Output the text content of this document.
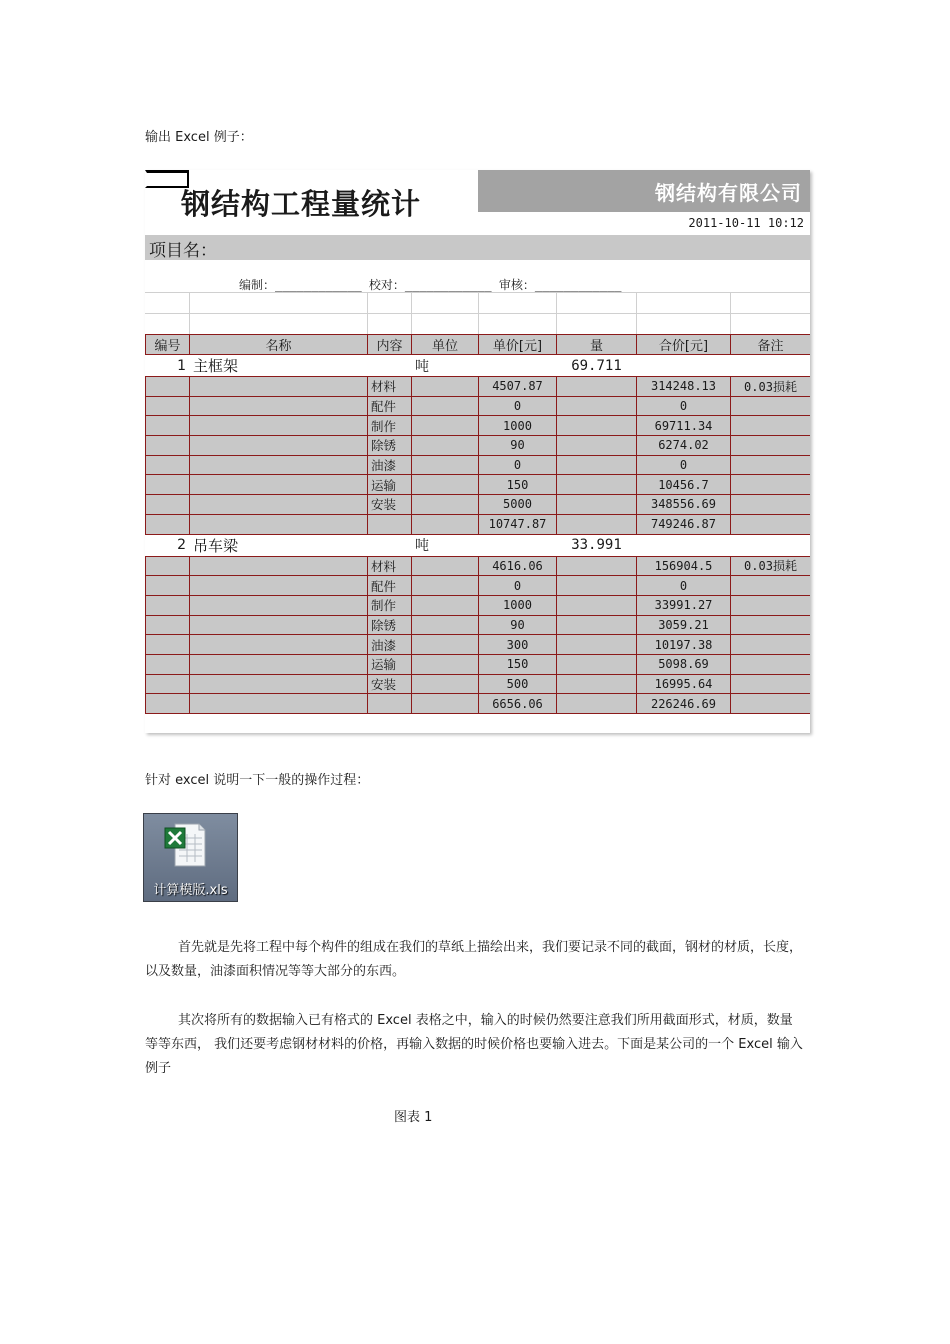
输出 Excel 例子：

钢结构有限公司
钢结构工程量统计
2011-10-11 10:12
项目名：
编制：____________ 校对：____________ 审核：____________
编号	名称	内容	单位	单价[元]	量	合价[元]	备注
1	主框架		吨		69.711		
		材料		4507.87		314248.13	0.03损耗
		配件		0		0	
		制作		1000		69711.34	
		除锈		90		6274.02	
		油漆		0		0	
		运输		150		10456.7	
		安装		5000		348556.69	
				10747.87		749246.87	
2	吊车梁		吨		33.991		
		材料		4616.06		156904.5	0.03损耗
		配件		0		0	
		制作		1000		33991.27	
		除锈		90		3059.21	
		油漆		300		10197.38	
		运输		150		5098.69	
		安装		500		16995.64	
				6656.06		226246.69	

针对 excel 说明一下一般的操作过程：

计算模版.xls

首先就是先将工程中每个构件的组成在我们的草纸上描绘出来，我们要记录不同的截面，钢材的材质，长度，以及数量，油漆面积情况等等大部分的东西。

其次将所有的数据输入已有格式的 Excel 表格之中，输入的时候仍然要注意我们所用截面形式，材质，数量等等东西， 我们还要考虑钢材材料的价格，再输入数据的时候价格也要输入进去。下面是某公司的一个 Excel 输入例子

图表 1
